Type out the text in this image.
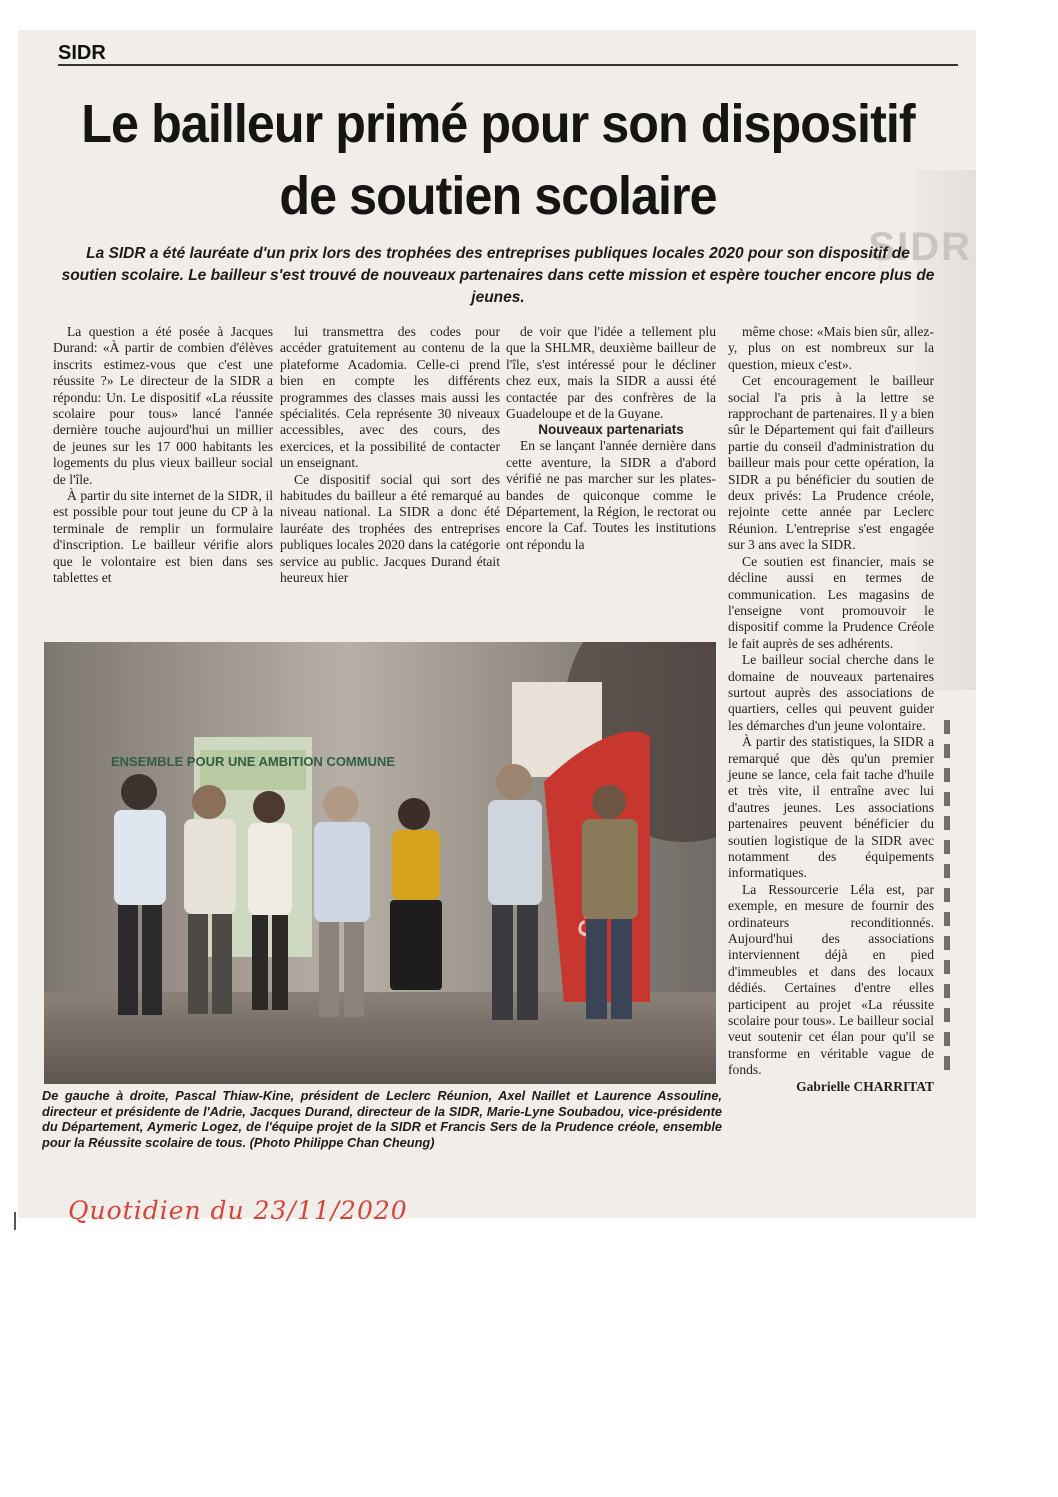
SIDR
SIDR
Le bailleur primé pour son dispositif de soutien scolaire

La SIDR a été lauréate d'un prix lors des trophées des entreprises publiques locales 2020 pour son dispositif de soutien scolaire. Le bailleur s'est trouvé de nouveaux partenaires dans cette mission et espère toucher encore plus de jeunes.

La question a été posée à Jacques Durand: «À partir de combien d'élèves inscrits estimez-vous que c'est une réussite ?» Le directeur de la SIDR a répondu: Un. Le dispositif «La réussite scolaire pour tous» lancé l'année dernière touche aujourd'hui un millier de jeunes sur les 17 000 habitants les logements du plus vieux bailleur social de l'île.

À partir du site internet de la SIDR, il est possible pour tout jeune du CP à la terminale de remplir un formulaire d'inscription. Le bailleur vérifie alors que le volontaire est bien dans ses tablettes et

lui transmettra des codes pour accéder gratuitement au contenu de la plateforme Acadomia. Celle-ci prend bien en compte les différents programmes des classes mais aussi les spécialités. Cela représente 30 niveaux accessibles, avec des cours, des exercices, et la possibilité de contacter un enseignant.

Ce dispositif social qui sort des habitudes du bailleur a été remarqué au niveau national. La SIDR a donc été lauréate des trophées des entreprises publiques locales 2020 dans la catégorie service au public. Jacques Durand était heureux hier

de voir que l'idée a tellement plu que la SHLMR, deuxième bailleur de l'île, s'est intéressé pour le décliner chez eux, mais la SIDR a aussi été contactée par des confrères de la Guadeloupe et de la Guyane.

Nouveaux partenariats

En se lançant l'année dernière dans cette aventure, la SIDR a d'abord vérifié ne pas marcher sur les plates-bandes de quiconque comme le Département, la Région, le rectorat ou encore la Caf. Toutes les institutions ont répondu la

même chose: «Mais bien sûr, allez-y, plus on est nombreux sur la question, mieux c'est».

Cet encouragement le bailleur social l'a pris à la lettre se rapprochant de partenaires. Il y a bien sûr le Département qui fait d'ailleurs partie du conseil d'administration du bailleur mais pour cette opération, la SIDR a pu bénéficier du soutien de deux privés: La Prudence créole, rejointe cette année par Leclerc Réunion. L'entreprise s'est engagée sur 3 ans avec la SIDR.

Ce soutien est financier, mais se décline aussi en termes de communication. Les magasins de l'enseigne vont promouvoir le dispositif comme la Prudence Créole le fait auprès de ses adhérents.

Le bailleur social cherche dans le domaine de nouveaux partenaires surtout auprès des associations de quartiers, celles qui peuvent guider les démarches d'un jeune volontaire.

À partir des statistiques, la SIDR a remarqué que dès qu'un premier jeune se lance, cela fait tache d'huile et très vite, il entraîne avec lui d'autres jeunes. Les associations partenaires peuvent bénéficier du soutien logistique de la SIDR avec notamment des équipements informatiques.

La Ressourcerie Léla est, par exemple, en mesure de fournir des ordinateurs reconditionnés. Aujourd'hui des associations interviennent déjà en pied d'immeubles et dans des locaux dédiés. Certaines d'entre elles participent au projet «La réussite scolaire pour tous». Le bailleur social veut soutenir cet élan pour qu'il se transforme en véritable vague de fonds.

Gabrielle CHARRITAT

ENSEMBLE POUR UNE AMBITION COMMUNE

De gauche à droite, Pascal Thiaw-Kine, président de Leclerc Réunion, Axel Naillet et Laurence Assouline, directeur et présidente de l'Adrie, Jacques Durand, directeur de la SIDR, Marie-Lyne Soubadou, vice-présidente du Département, Aymeric Logez, de l'équipe projet de la SIDR et Francis Sers de la Prudence créole, ensemble pour la Réussite scolaire de tous. (Photo Philippe Chan Cheung)

Quotidien du 23/11/2020
